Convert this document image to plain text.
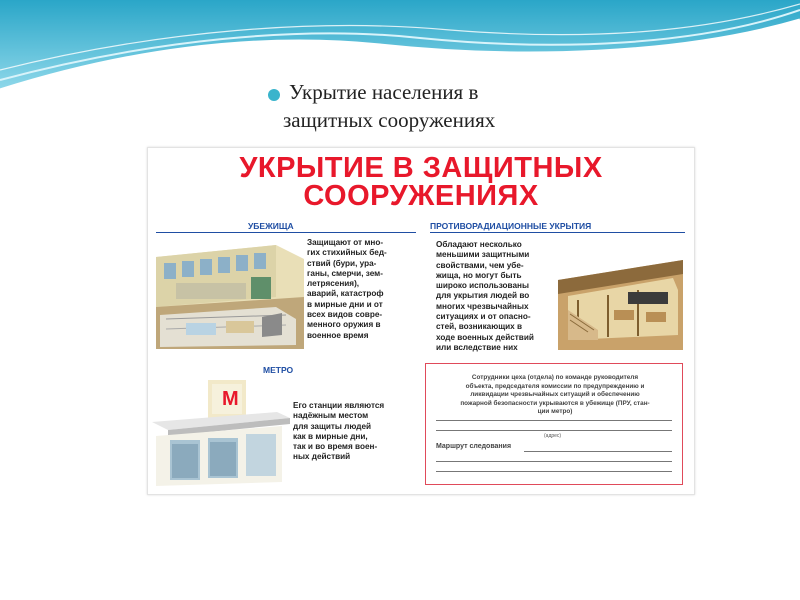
Укрытие населения в
защитных сооружениях
УКРЫТИЕ В ЗАЩИТНЫХ
СООРУЖЕНИЯХ
УБЕЖИЩА	ПРОТИВОРАДИАЦИОННЫЕ УКРЫТИЯ
МЕТРО
Защищают от мно-
гих стихийных бед-
ствий (бури, ура-
ганы, смерчи, зем-
летрясения),
аварий, катастроф
в мирные дни и от
всех видов совре-
менного оружия в
военное время
Обладают несколько
меньшими защитными
свойствами, чем убе-
жища, но могут быть
широко использованы
для укрытия людей во
многих чрезвычайных
ситуациях и от опасно-
стей, возникающих в
ходе военных действий
или вследствие них
М	Его станции являются
надёжным местом
для защиты людей
как в мирные дни,
так и во время воен-
ных действий
Сотрудники цеха (отдела) по команде руководителя
объекта, председателя комиссии по предупреждению и
ликвидации чрезвычайных ситуаций и обеспечению
пожарной безопасности укрываются в убежище (ПРУ, стан-
ции метро)
(адрес)
Маршрут следования
